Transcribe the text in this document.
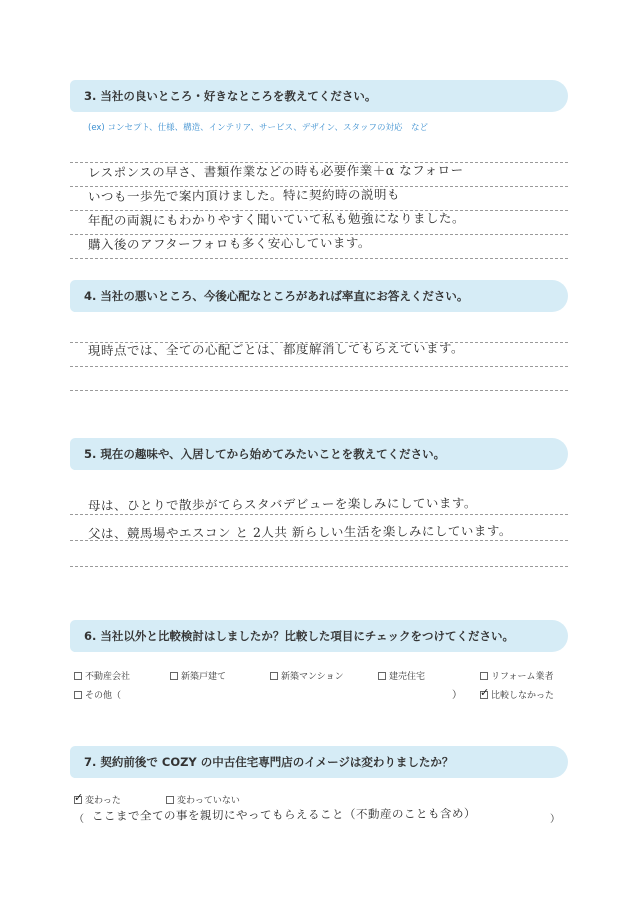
3. 当社の良いところ・好きなところを教えてください。
(ex) コンセプト、仕様、構造、インテリア、サービス、デザイン、スタッフの対応　など
レスポンスの早さ、書類作業などの時も必要作業＋α なフォロー
いつも一歩先で案内頂けました。特に契約時の説明も
年配の両親にもわかりやすく聞いていて私も勉強になりました。
購入後のアフターフォロも多く安心しています。
4. 当社の悪いところ、今後心配なところがあれば率直にお答えください。
現時点では、全ての心配ごとは、都度解消してもらえています。
5. 現在の趣味や、入居してから始めてみたいことを教えてください。
母は、ひとりで散歩がてらスタバデビューを楽しみにしています。
父は、競馬場やエスコン と 2人共 新らしい生活を楽しみにしています。
6. 当社以外と比較検討はしましたか？比較した項目にチェックをつけてください。
不動産会社	新築戸建て	新築マンション	建売住宅	リフォーム業者
その他（	）
✓	比較しなかった
7. 契約前後で COZY の中古住宅専門店のイメージは変わりましたか？
✓
変わった	変わっていない
（ ここまで全ての事を親切にやってもらえること（不動産のことも含め）	）
